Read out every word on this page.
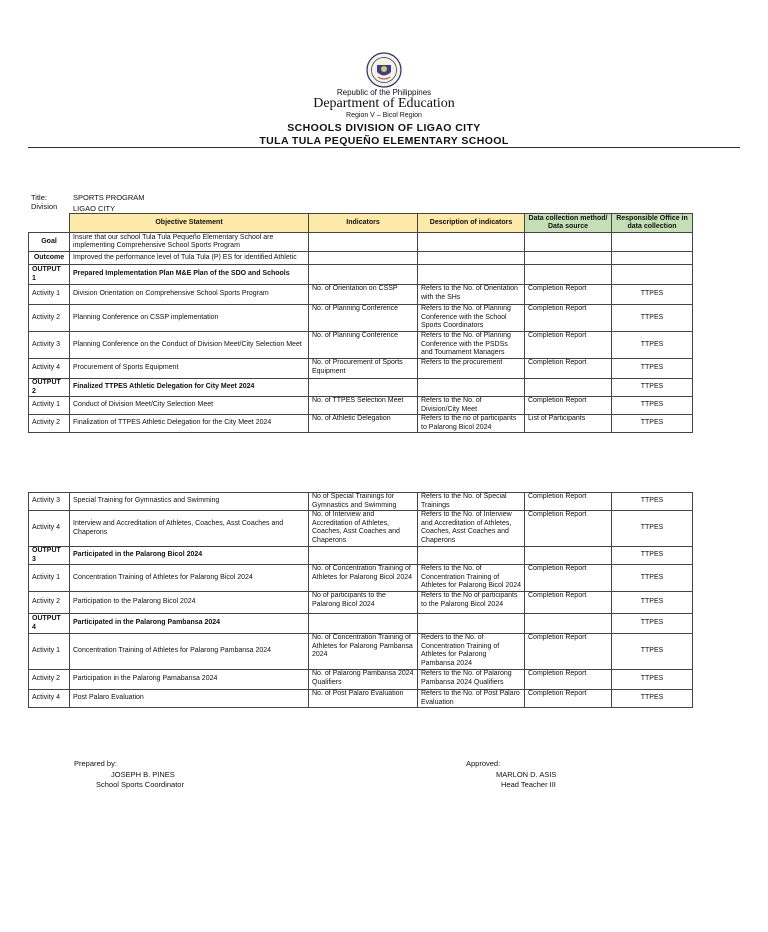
Republic of the Philippines
Department of Education
Region V – Bicol Region
SCHOOLS DIVISION OF LIGAO CITY
TULA TULA PEQUEÑO ELEMENTARY SCHOOL
Title:	SPORTS PROGRAM
Division LIGAO CITY
	Objective Statement	Indicators	Description of indicators	Data collection method/ Data source	Responsible Office in data collection
Goal	Insure that our school Tula Tula Pequeño Elementary School are implementing Comprehensive School Sports Program				
Outcome	Improved the performance level of Tula Tula (P) ES for identified Athletic				
OUTPUT 1	Prepared Implementation Plan M&E Plan of the SDO and Schools				
Activity 1	Division Orientation on Comprehensive School Sports Program	No. of Orientation on CSSP	Refers to the No. of Orientation with the SHs	Completion Report	TTPES
Activity 2	Planning Conference on CSSP implementation	No. of Planning Conference	Refers to the No. of Planning Conference with the School Sports Coordinators	Completion Report	TTPES
Activity 3	Planning Conference on the Conduct of Division Meet/City Selection Meet	No. of Planning Conference	Refers to the No. of Planning Conference with the PSDSs and Tournament Managers	Completion Report	TTPES
Activity 4	Procurement of Sports Equipment	No. of Procurement of Sports Equipment	Refers to the procurement	Completion Report	TTPES
OUTPUT 2	Finalized TTPES Athletic Delegation for City Meet 2024				TTPES
Activity 1	Conduct of Division Meet/City Selection Meet	No. of TTPES Selection Meet	Refers to the No. of Division/City Meet	Completion Report	TTPES
Activity 2	Finalization of TTPES Athletic Delegation for the City Meet 2024	No. of Athletic Delegation	Refers to the no of participants to Palarong Bicol 2024	List of Participants	TTPES
Activity 3	Special Training for Gymnastics and Swimming	No of Special Trainings for Gymnastics and Swimming	Refers to the No. of Special Trainings	Completion Report	TTPES
Activity 4	Interview and Accreditation of Athletes, Coaches, Asst Coaches and Chaperons	No. of Interview and Accreditation of Athletes, Coaches, Asst Coaches and Chaperons	Refers to the No. of Interview and Accreditation of Athletes, Coaches, Asst Coaches and Chaperons	Completion Report	TTPES
OUTPUT 3	Participated in the Palarong Bicol 2024				TTPES
Activity 1	Concentration Training of Athletes for Palarong Bicol 2024	No. of Concentration Training of Athletes for Palarong Bicol 2024	Refers to the No. of Concentration Training of Athletes for Palarong Bicol 2024	Completion Report	TTPES
Activity 2	Participation to the Palarong Bicol 2024	No of participants to the Palarong Bicol 2024	Refers to the No of participants to the Palarong Bicol 2024	Completion Report	TTPES
OUTPUT 4	Participated in the Palarong Pambansa 2024				TTPES
Activity 1	Concentration Training of Athletes for Palarong Pambansa 2024	No. of Concentration Training of Athletes for Palarong Pambansa 2024	Reders to the No. of Concentration Training of Athletes for Palarong Pambansa 2024	Completion Report	TTPES
Activity 2	Participation in the Palarong Pamabansa 2024	No. of Palarong Pambansa 2024 Qualifiers	Refers to the No. of Palarong Pambansa 2024 Qualifiers	Completion Report	TTPES
Activity 4	Post Palaro Evaluation	No. of Post Palaro Evaluation	Refers to the No. of Post Palaro Evaluation	Completion Report	TTPES
Prepared by:
JOSEPH B. PINES
School Sports Coordinator
Approved:
MARLON D. ASIS
Head Teacher III
